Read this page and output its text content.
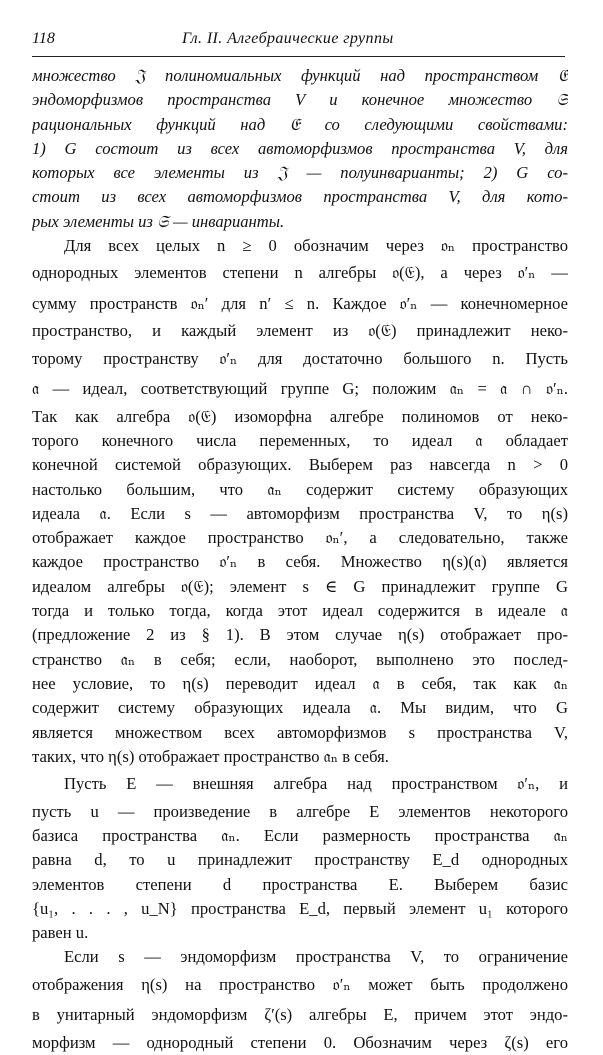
118	Гл. II. Алгебраические группы
множество 𝔍 полиномиальных функций над пространством 𝔈
эндоморфизмов пространства V и конечное множество 𝔖
рациональных функций над 𝔈 со следующими свойствами:
1) G состоит из всех автоморфизмов пространства V, для
которых все элементы из 𝔍 — полуинварианты; 2) G со-
стоит из всех автоморфизмов пространства V, для кото-
рых элементы из 𝔖 — инварианты.
Для всех целых n ≥ 0 обозначим через 𝔬ₙ пространство
однородных элементов степени n алгебры 𝔬(𝔈), а через 𝔬′ₙ —
сумму пространств 𝔬ₙ′ для n′ ≤ n. Каждое 𝔬′ₙ — конечномерное
пространство, и каждый элемент из 𝔬(𝔈) принадлежит неко-
торому пространству 𝔬′ₙ для достаточно большого n. Пусть
𝔞 — идеал, соответствующий группе G; положим 𝔞ₙ = 𝔞 ∩ 𝔬′ₙ.
Так как алгебра 𝔬(𝔈) изоморфна алгебре полиномов от неко-
торого конечного числа переменных, то идеал 𝔞 обладает
конечной системой образующих. Выберем раз навсегда n > 0
настолько большим, что 𝔞ₙ содержит систему образующих
идеала 𝔞. Если s — автоморфизм пространства V, то η(s)
отображает каждое пространство 𝔬ₙ′, а следовательно, также
каждое пространство 𝔬′ₙ в себя. Множество η(s)(𝔞) является
идеалом алгебры 𝔬(𝔈); элемент s ∈ G принадлежит группе G
тогда и только тогда, когда этот идеал содержится в идеале 𝔞
(предложение 2 из § 1). В этом случае η(s) отображает про-
странство 𝔞ₙ в себя; если, наоборот, выполнено это послед-
нее условие, то η(s) переводит идеал 𝔞 в себя, так как 𝔞ₙ
содержит систему образующих идеала 𝔞. Мы видим, что G
является множеством всех автоморфизмов s пространства V,
таких, что η(s) отображает пространство 𝔞ₙ в себя.
Пусть E — внешняя алгебра над пространством 𝔬′ₙ, и
пусть u — произведение в алгебре E элементов некоторого
базиса пространства 𝔞ₙ. Если размерность пространства 𝔞ₙ
равна d, то u принадлежит пространству E_d однородных
элементов степени d пространства E. Выберем базис
{u₁, . . . , u_N} пространства E_d, первый элемент u₁ которого
равен u.
Если s — эндоморфизм пространства V, то ограничение
отображения η(s) на пространство 𝔬′ₙ может быть продолжено
в унитарный эндоморфизм ζ′(s) алгебры E, причем этот эндо-
морфизм — однородный степени 0. Обозначим через ζ(s) его
